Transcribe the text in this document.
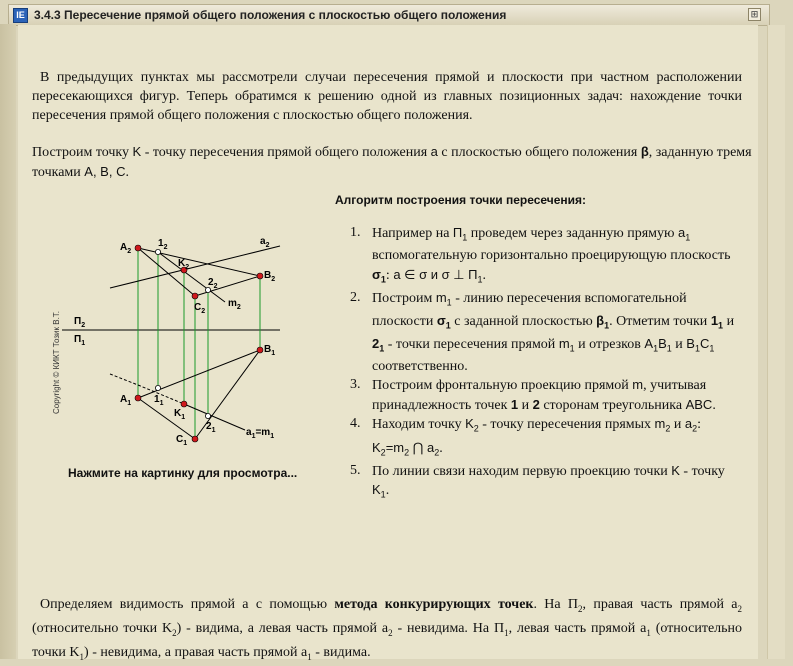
IE 3.4.3 Пересечение прямой общего положения с плоскостью общего положения	⊞

В предыдущих пунктах мы рассмотрели случаи пересечения прямой и плоскости при частном расположении пересекающихся фигур. Теперь обратимся к решению одной из главных позиционных задач: нахождение точки пересечения прямой общего положения с плоскостью общего положения.

Построим точку K - точку пересечения прямой общего положения a с плоскостью общего положения β, заданную тремя точками A, B, C.

Алгоритм построения точки пересечения:
1. Например на $П_1$ проведем через заданную прямую $a_1$ вспомогательную горизонтально проецирующую плоскость $\sigma_1$: a ∈ σ и σ ⊥ $П_1$.
2. Построим $m_1$ - линию пересечения вспомогательной плоскости $\sigma_1$ с заданной плоскостью $\beta_1$. Отметим точки $1_1$ и $2_1$ - точки пересечения прямой $m_1$ и отрезков $A_1B_1$ и $B_1C_1$ соответственно.
3. Построим фронтальную проекцию прямой m, учитывая принадлежность точек 1 и 2 сторонам треугольника ABC.
4. Находим точку $K_2$ - точку пересечения прямых $m_2$ и $a_2$: $K_2=m_2$ ⋂ $a_2$.
5. По линии связи находим первую проекцию точки K - точку $K_1$.
Copyright © КИКТ Тозик В.Т.
$A_2$
$1_2$
$a_2$
$K_2$
$2_2$
$B_2$
$m_2$
$C_2$
$П_2$
$П_1$
$B_1$
$A_1$ $1_1$
$K_1$
$2_1$
$C_1$
$a_1=m_1$
Нажмите на картинку для просмотра...

Определяем видимость прямой a с помощью метода конкурирующих точек. На $П_2$, правая часть прямой $a_2$ (относительно точки $K_2$) - видима, а левая часть прямой $a_2$ - невидима. На $П_1$, левая часть прямой $a_1$ (относительно точки $K_1$) - невидима, а правая часть прямой $a_1$ - видима.
